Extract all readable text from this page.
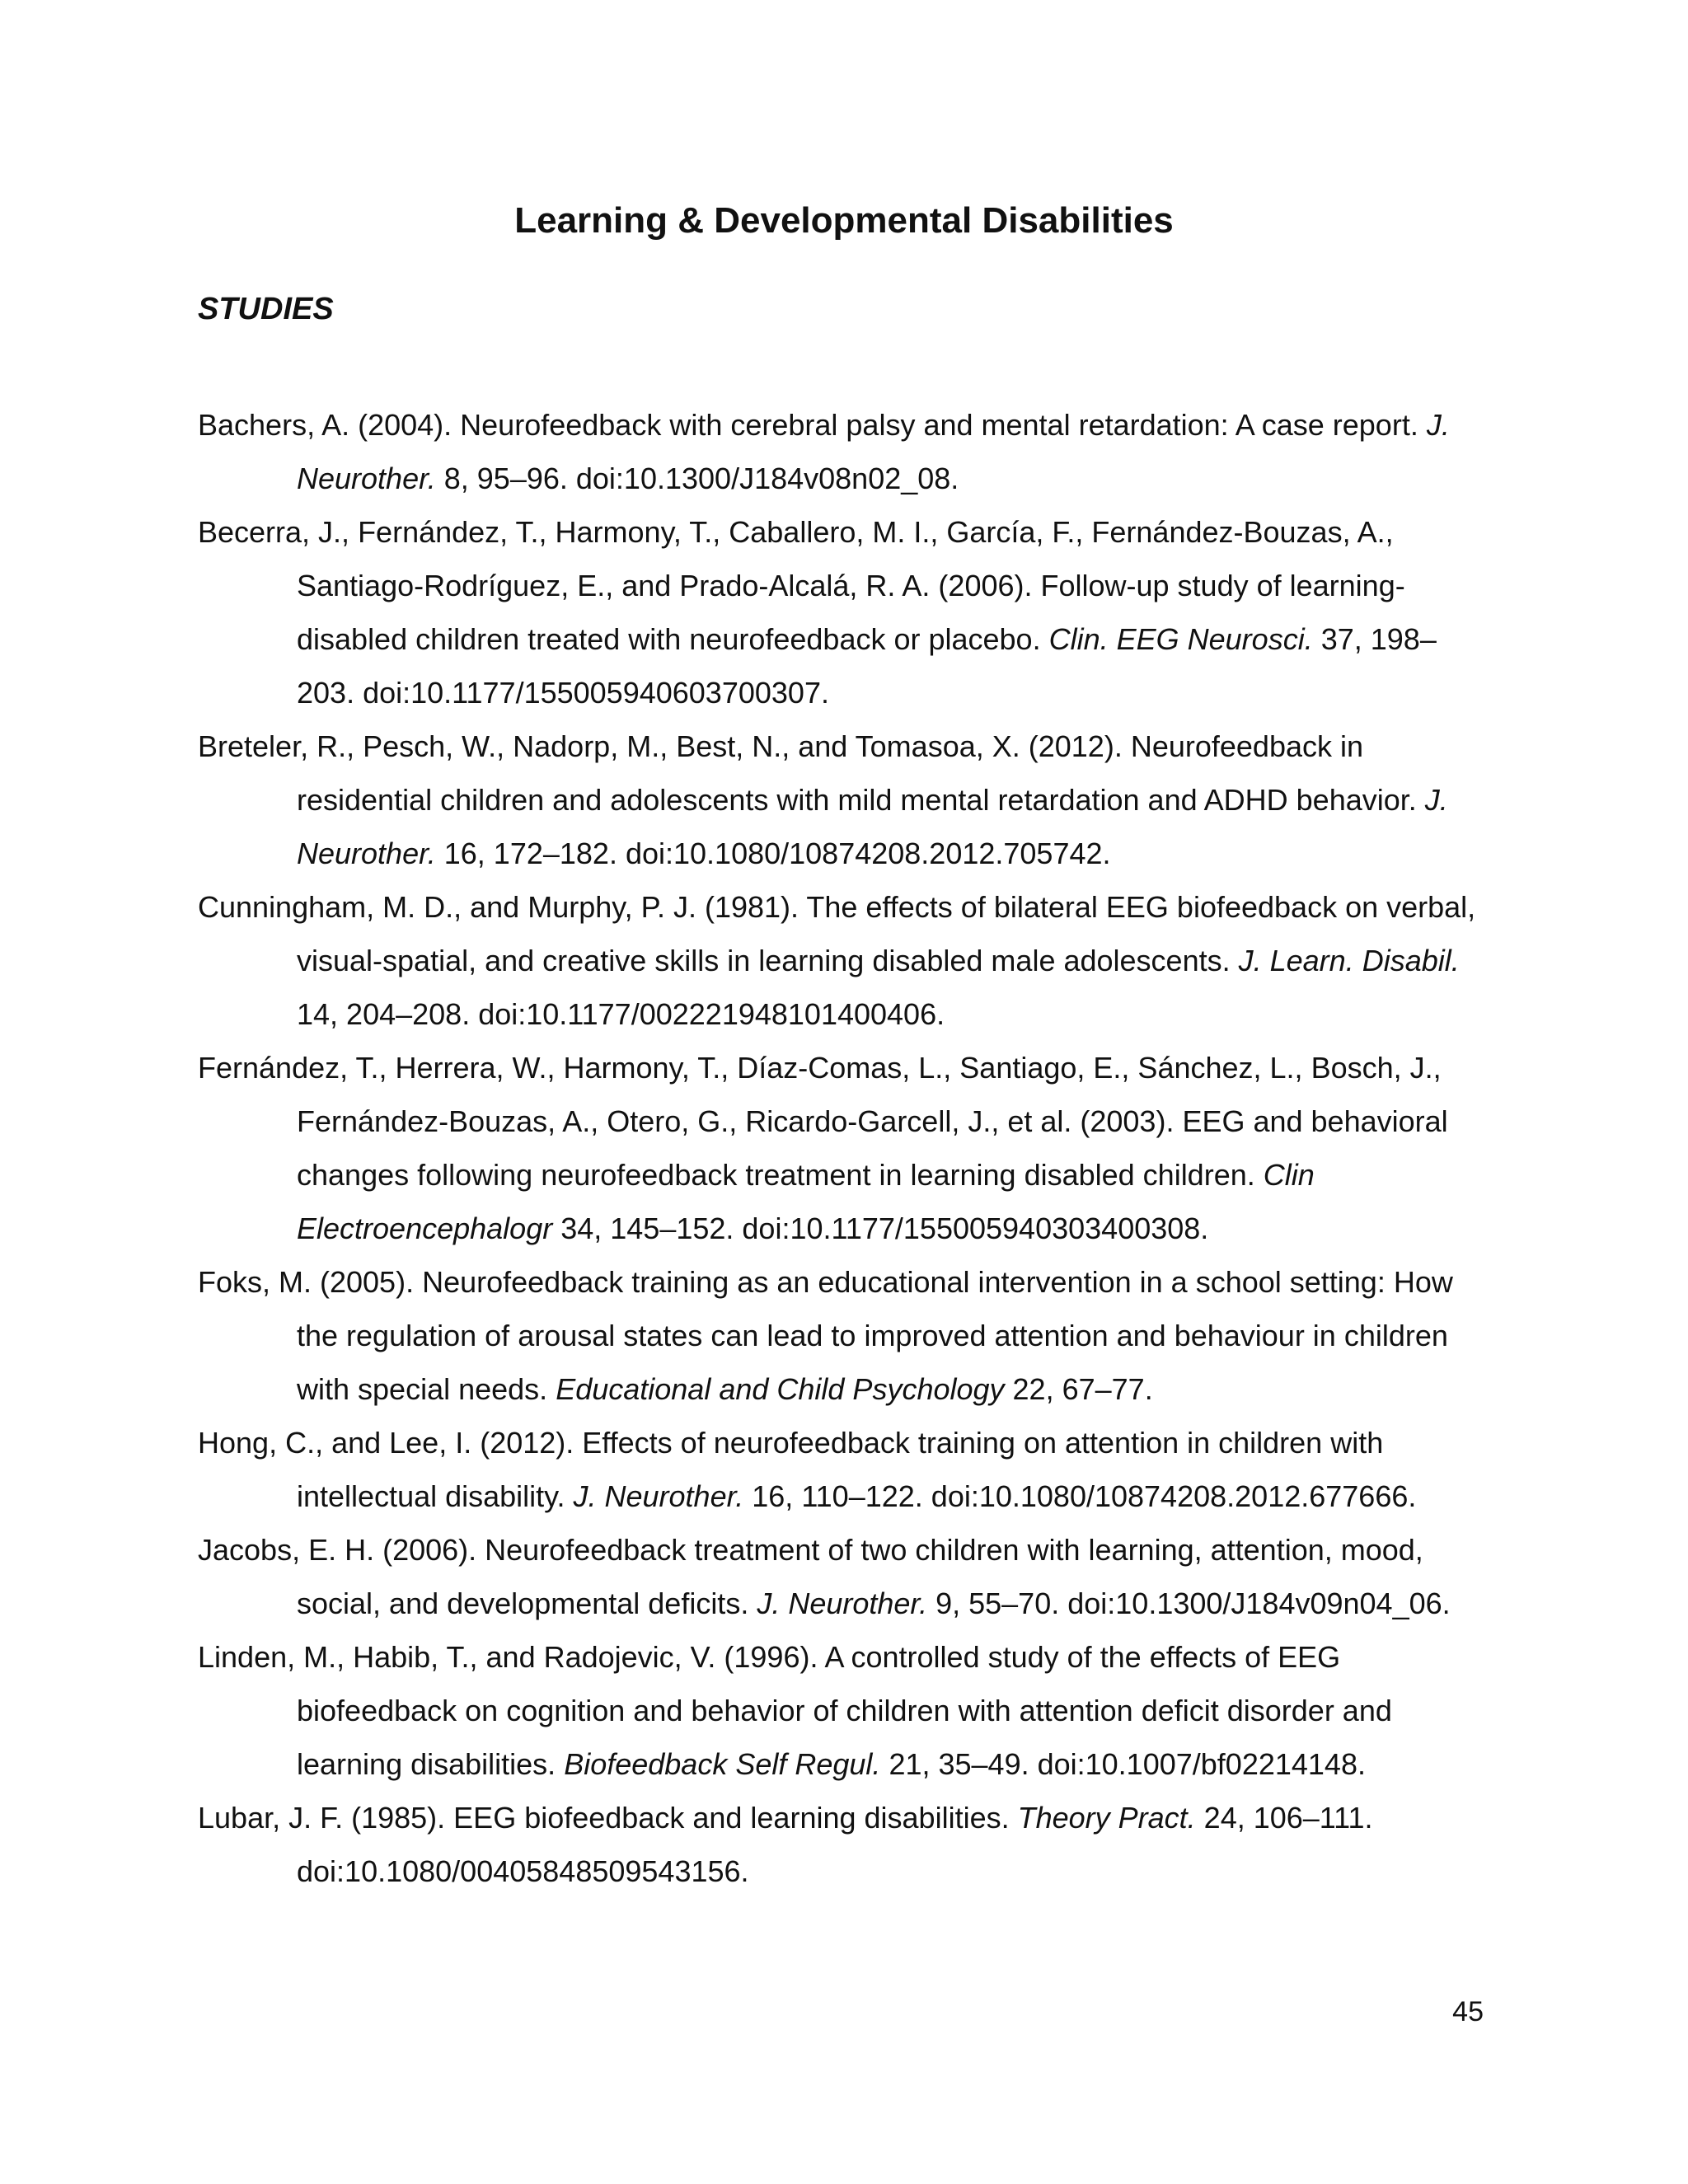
Learning & Developmental Disabilities
STUDIES
Bachers, A. (2004). Neurofeedback with cerebral palsy and mental retardation: A case report. J. Neurother. 8, 95–96. doi:10.1300/J184v08n02_08.
Becerra, J., Fernández, T., Harmony, T., Caballero, M. I., García, F., Fernández-Bouzas, A., Santiago-Rodríguez, E., and Prado-Alcalá, R. A. (2006). Follow-up study of learning-disabled children treated with neurofeedback or placebo. Clin. EEG Neurosci. 37, 198–203. doi:10.1177/155005940603700307.
Breteler, R., Pesch, W., Nadorp, M., Best, N., and Tomasoa, X. (2012). Neurofeedback in residential children and adolescents with mild mental retardation and ADHD behavior. J. Neurother. 16, 172–182. doi:10.1080/10874208.2012.705742.
Cunningham, M. D., and Murphy, P. J. (1981). The effects of bilateral EEG biofeedback on verbal, visual-spatial, and creative skills in learning disabled male adolescents. J. Learn. Disabil. 14, 204–208. doi:10.1177/002221948101400406.
Fernández, T., Herrera, W., Harmony, T., Díaz-Comas, L., Santiago, E., Sánchez, L., Bosch, J., Fernández-Bouzas, A., Otero, G., Ricardo-Garcell, J., et al. (2003). EEG and behavioral changes following neurofeedback treatment in learning disabled children. Clin Electroencephalogr 34, 145–152. doi:10.1177/155005940303400308.
Foks, M. (2005). Neurofeedback training as an educational intervention in a school setting: How the regulation of arousal states can lead to improved attention and behaviour in children with special needs. Educational and Child Psychology 22, 67–77.
Hong, C., and Lee, I. (2012). Effects of neurofeedback training on attention in children with intellectual disability. J. Neurother. 16, 110–122. doi:10.1080/10874208.2012.677666.
Jacobs, E. H. (2006). Neurofeedback treatment of two children with learning, attention, mood, social, and developmental deficits. J. Neurother. 9, 55–70. doi:10.1300/J184v09n04_06.
Linden, M., Habib, T., and Radojevic, V. (1996). A controlled study of the effects of EEG biofeedback on cognition and behavior of children with attention deficit disorder and learning disabilities. Biofeedback Self Regul. 21, 35–49. doi:10.1007/bf02214148.
Lubar, J. F. (1985). EEG biofeedback and learning disabilities. Theory Pract. 24, 106–111. doi:10.1080/00405848509543156.
45
